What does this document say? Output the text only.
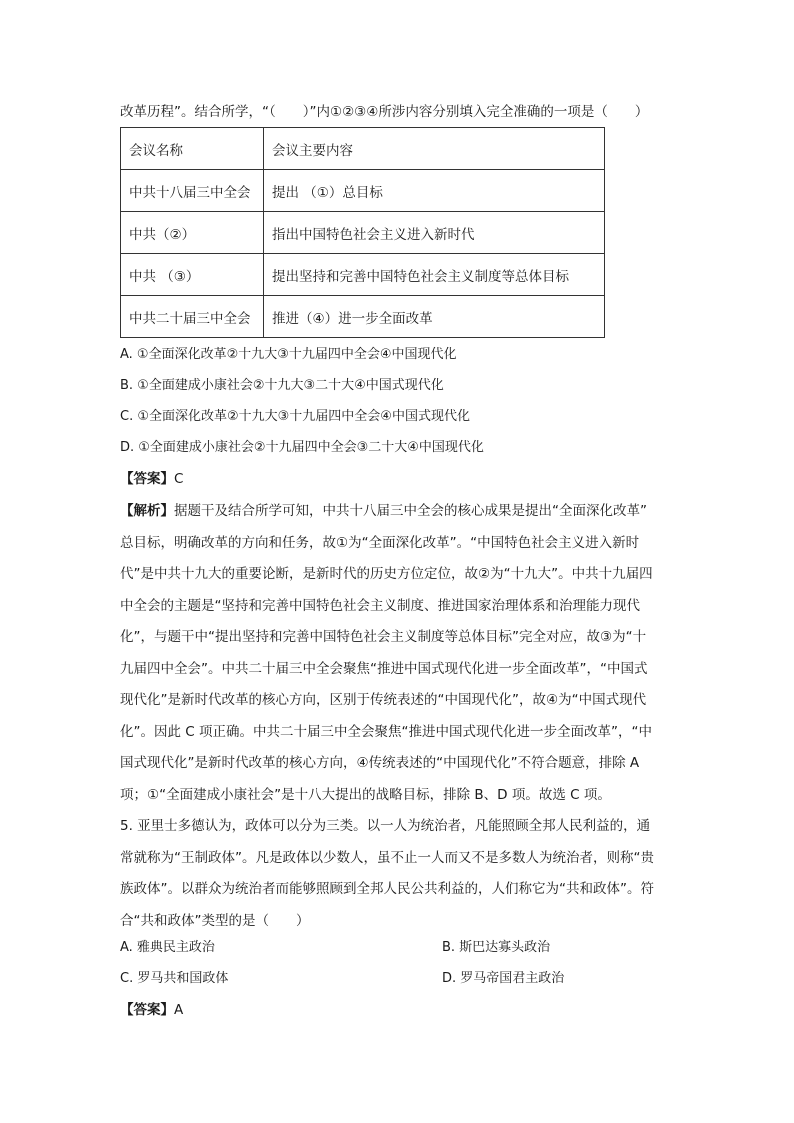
改革历程”。结合所学，“（　　）”内①②③④所涉内容分别填入完全准确的一项是（　　）
会议名称	会议主要内容
中共十八届三中全会	提出 （①）总目标
中共（②）	指出中国特色社会主义进入新时代
中共 （③）	提出坚持和完善中国特色社会主义制度等总体目标
中共二十届三中全会	推进（④）进一步全面改革
A. ①全面深化改革②十九大③十九届四中全会④中国现代化
B. ①全面建成小康社会②十九大③二十大④中国式现代化
C. ①全面深化改革②十九大③十九届四中全会④中国式现代化
D. ①全面建成小康社会②十九届四中全会③二十大④中国现代化
【答案】C
【解析】据题干及结合所学可知，中共十八届三中全会的核心成果是提出“全面深化改革”
总目标，明确改革的方向和任务，故①为“全面深化改革”。“中国特色社会主义进入新时
代”是中共十九大的重要论断，是新时代的历史方位定位，故②为“十九大”。中共十九届四
中全会的主题是“坚持和完善中国特色社会主义制度、推进国家治理体系和治理能力现代
化”，与题干中“提出坚持和完善中国特色社会主义制度等总体目标”完全对应，故③为“十
九届四中全会”。中共二十届三中全会聚焦“推进中国式现代化进一步全面改革”，“中国式
现代化”是新时代改革的核心方向，区别于传统表述的“中国现代化”，故④为“中国式现代
化”。因此 C 项正确。中共二十届三中全会聚焦“推进中国式现代化进一步全面改革”，“中
国式现代化”是新时代改革的核心方向，④传统表述的“中国现代化”不符合题意，排除 A
项；①“全面建成小康社会”是十八大提出的战略目标，排除 B、D 项。故选 C 项。
5. 亚里士多德认为，政体可以分为三类。以一人为统治者，凡能照顾全邦人民利益的，通
常就称为“王制政体”。凡是政体以少数人，虽不止一人而又不是多数人为统治者，则称“贵
族政体”。以群众为统治者而能够照顾到全邦人民公共利益的，人们称它为“共和政体”。符
合“共和政体”类型的是（　　）
A. 雅典民主政治	B. 斯巴达寡头政治
C. 罗马共和国政体	D. 罗马帝国君主政治
【答案】A
